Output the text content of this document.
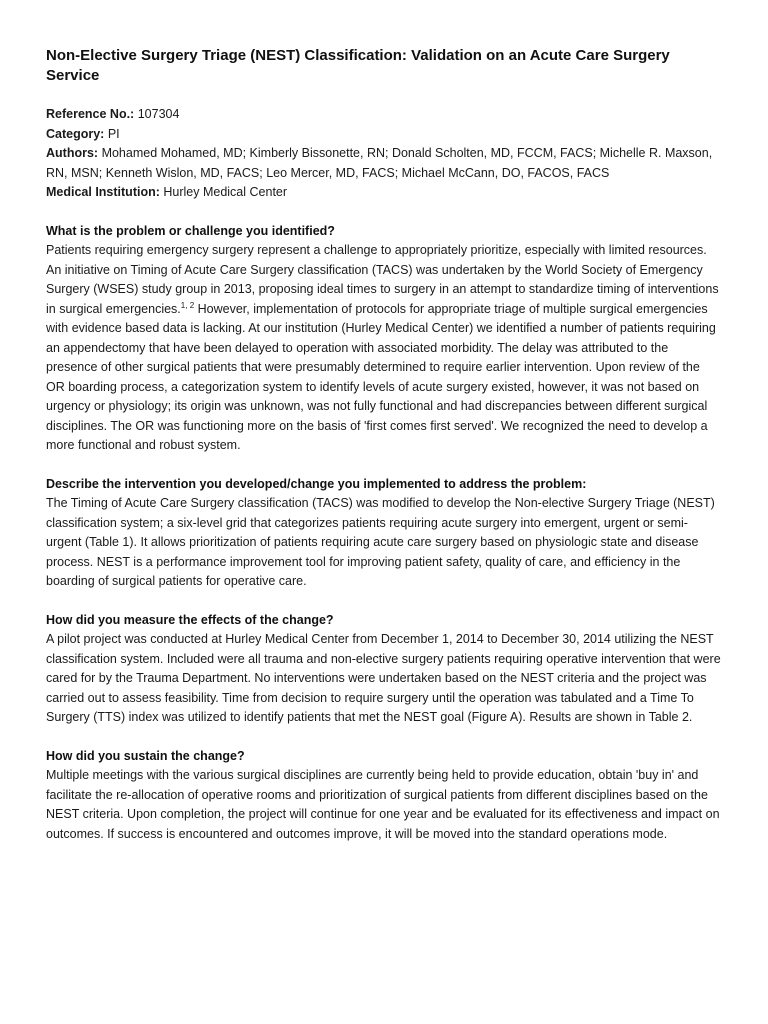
Non-Elective Surgery Triage (NEST) Classification: Validation on an Acute Care Surgery Service
Reference No.: 107304
Category: PI
Authors: Mohamed Mohamed, MD; Kimberly Bissonette, RN; Donald Scholten, MD, FCCM, FACS; Michelle R. Maxson, RN, MSN; Kenneth Wislon, MD, FACS; Leo Mercer, MD, FACS; Michael McCann, DO, FACOS, FACS
Medical Institution: Hurley Medical Center
What is the problem or challenge you identified?

Patients requiring emergency surgery represent a challenge to appropriately prioritize, especially with limited resources. An initiative on Timing of Acute Care Surgery classification (TACS) was undertaken by the World Society of Emergency Surgery (WSES) study group in 2013, proposing ideal times to surgery in an attempt to standardize timing of interventions in surgical emergencies.$^{1, 2}$ However, implementation of protocols for appropriate triage of multiple surgical emergencies with evidence based data is lacking. At our institution (Hurley Medical Center) we identified a number of patients requiring an appendectomy that have been delayed to operation with associated morbidity. The delay was attributed to the presence of other surgical patients that were presumably determined to require earlier intervention. Upon review of the OR boarding process, a categorization system to identify levels of acute surgery existed, however, it was not based on urgency or physiology; its origin was unknown, was not fully functional and had discrepancies between different surgical disciplines. The OR was functioning more on the basis of 'first comes first served'. We recognized the need to develop a more functional and robust system.

Describe the intervention you developed/change you implemented to address the problem:

The Timing of Acute Care Surgery classification (TACS) was modified to develop the Non-elective Surgery Triage (NEST) classification system; a six-level grid that categorizes patients requiring acute surgery into emergent, urgent or semi-urgent (Table 1). It allows prioritization of patients requiring acute care surgery based on physiologic state and disease process. NEST is a performance improvement tool for improving patient safety, quality of care, and efficiency in the boarding of surgical patients for operative care.

How did you measure the effects of the change?

A pilot project was conducted at Hurley Medical Center from December 1, 2014 to December 30, 2014 utilizing the NEST classification system. Included were all trauma and non-elective surgery patients requiring operative intervention that were cared for by the Trauma Department. No interventions were undertaken based on the NEST criteria and the project was carried out to assess feasibility. Time from decision to require surgery until the operation was tabulated and a Time To Surgery (TTS) index was utilized to identify patients that met the NEST goal (Figure A). Results are shown in Table 2.

How did you sustain the change?

Multiple meetings with the various surgical disciplines are currently being held to provide education, obtain 'buy in' and facilitate the re-allocation of operative rooms and prioritization of surgical patients from different disciplines based on the NEST criteria. Upon completion, the project will continue for one year and be evaluated for its effectiveness and impact on outcomes. If success is encountered and outcomes improve, it will be moved into the standard operations mode.
